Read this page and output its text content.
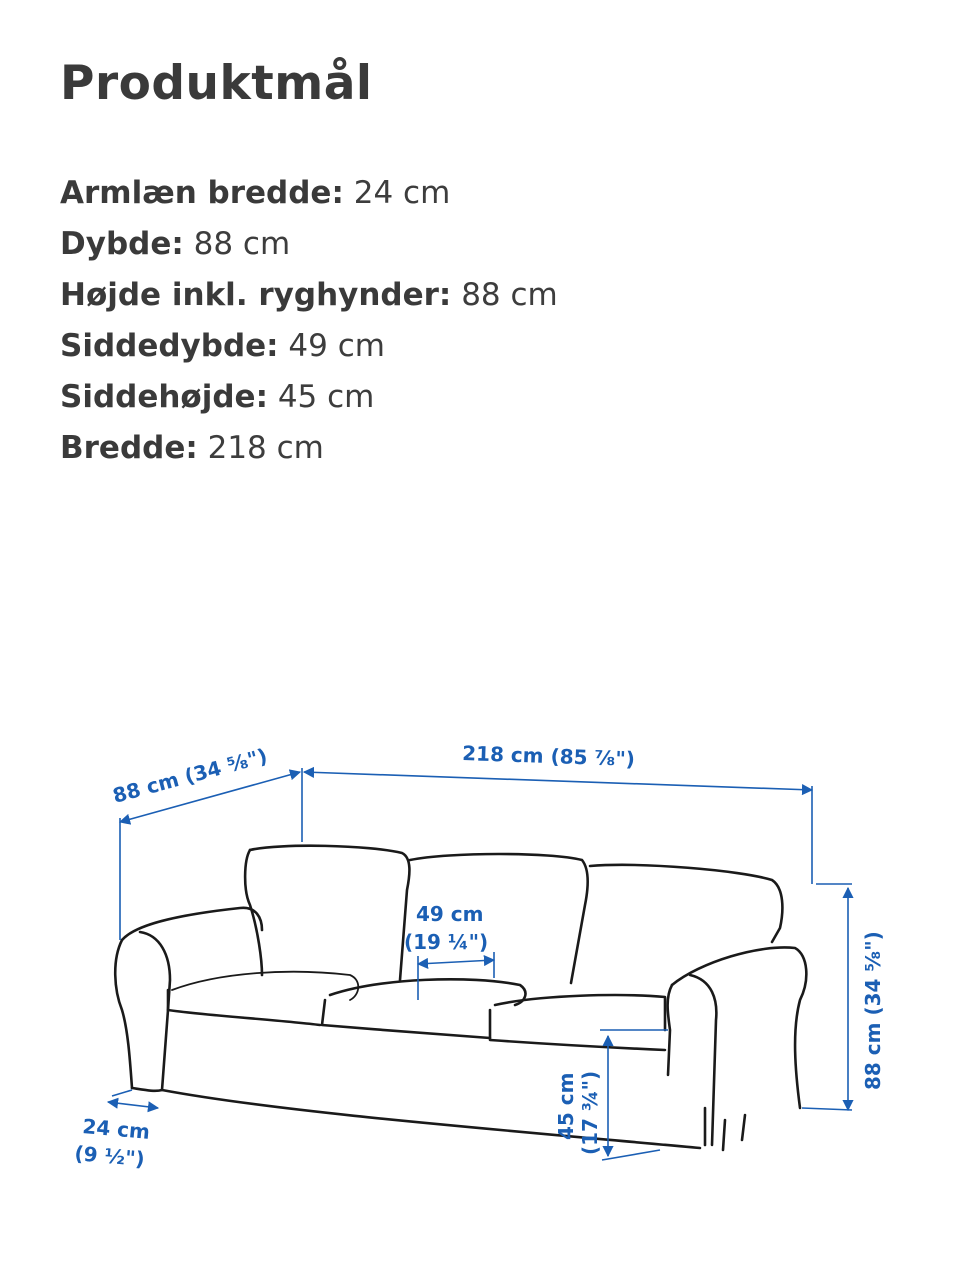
Produktmål
Armlæn bredde: 24 cm
Dybde: 88 cm
Højde inkl. ryghynder: 88 cm
Siddedybde: 49 cm
Siddehøjde: 45 cm
Bredde: 218 cm
88 cm (34 ⁵⁄₈")	218 cm (85 ⁷⁄₈")
49 cm
(19 ¼")	88 cm (34 ⁵⁄₈")
45 cm (17 ¾")
24 cm
(9 ½")
